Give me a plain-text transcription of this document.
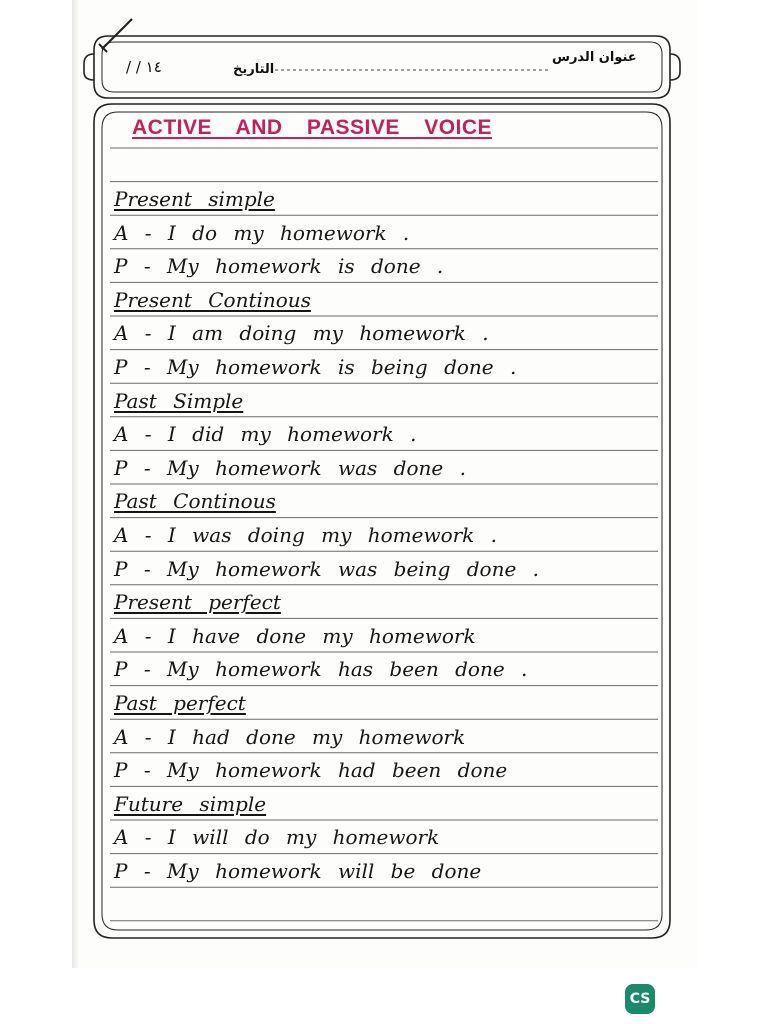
عنوان الدرس
التاريخ
١٤ / /
ACTIVE AND PASSIVE VOICE
Present simple
A - I do my homework .
P - My homework is done .
Present Continous
A - I am doing my homework .
P - My homework is being done .
Past Simple
A - I did my homework .
P - My homework was done .
Past Continous
A - I was doing my homework .
P - My homework was being done .
Present perfect
A - I have done my homework
P - My homework has been done .
Past perfect
A - I had done my homework
P - My homework had been done
Future simple
A - I will do my homework
P - My homework will be done
CS
